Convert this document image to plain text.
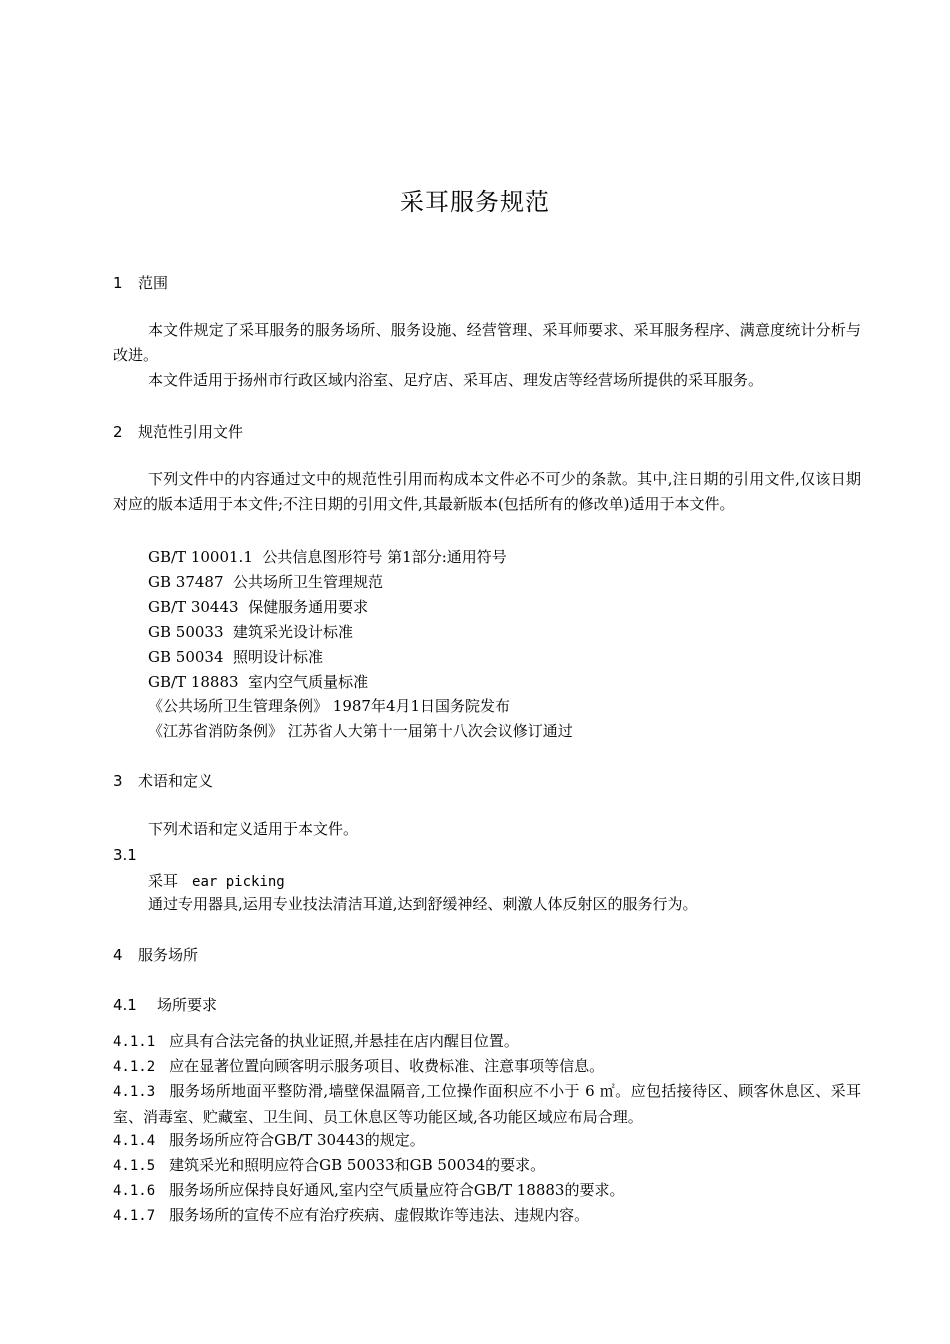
采耳服务规范
1 范围
本文件规定了采耳服务的服务场所、服务设施、经营管理、采耳师要求、采耳服务程序、满意度统计分析与改进。
本文件适用于扬州市行政区域内浴室、足疗店、采耳店、理发店等经营场所提供的采耳服务。
2 规范性引用文件
下列文件中的内容通过文中的规范性引用而构成本文件必不可少的条款。其中,注日期的引用文件,仅该日期对应的版本适用于本文件;不注日期的引用文件,其最新版本(包括所有的修改单)适用于本文件。
GB/T 10001.1  公共信息图形符号 第1部分:通用符号
GB 37487  公共场所卫生管理规范
GB/T 30443  保健服务通用要求
GB 50033  建筑采光设计标准
GB 50034  照明设计标准
GB/T 18883  室内空气质量标准
《公共场所卫生管理条例》 1987年4月1日国务院发布
《江苏省消防条例》 江苏省人大第十一届第十八次会议修订通过
3 术语和定义
下列术语和定义适用于本文件。
3.1
采耳 ear picking
通过专用器具,运用专业技法清洁耳道,达到舒缓神经、刺激人体反射区的服务行为。
4 服务场所
4.1 场所要求
4.1.1 应具有合法完备的执业证照,并悬挂在店内醒目位置。
4.1.2 应在显著位置向顾客明示服务项目、收费标准、注意事项等信息。
4.1.3 服务场所地面平整防滑,墙壁保温隔音,工位操作面积应不小于 6 ㎡。应包括接待区、顾客休息区、采耳室、消毒室、贮藏室、卫生间、员工休息区等功能区域,各功能区域应布局合理。
4.1.4 服务场所应符合GB/T 30443的规定。
4.1.5 建筑采光和照明应符合GB 50033和GB 50034的要求。
4.1.6 服务场所应保持良好通风,室内空气质量应符合GB/T 18883的要求。
4.1.7 服务场所的宣传不应有治疗疾病、虚假欺诈等违法、违规内容。
